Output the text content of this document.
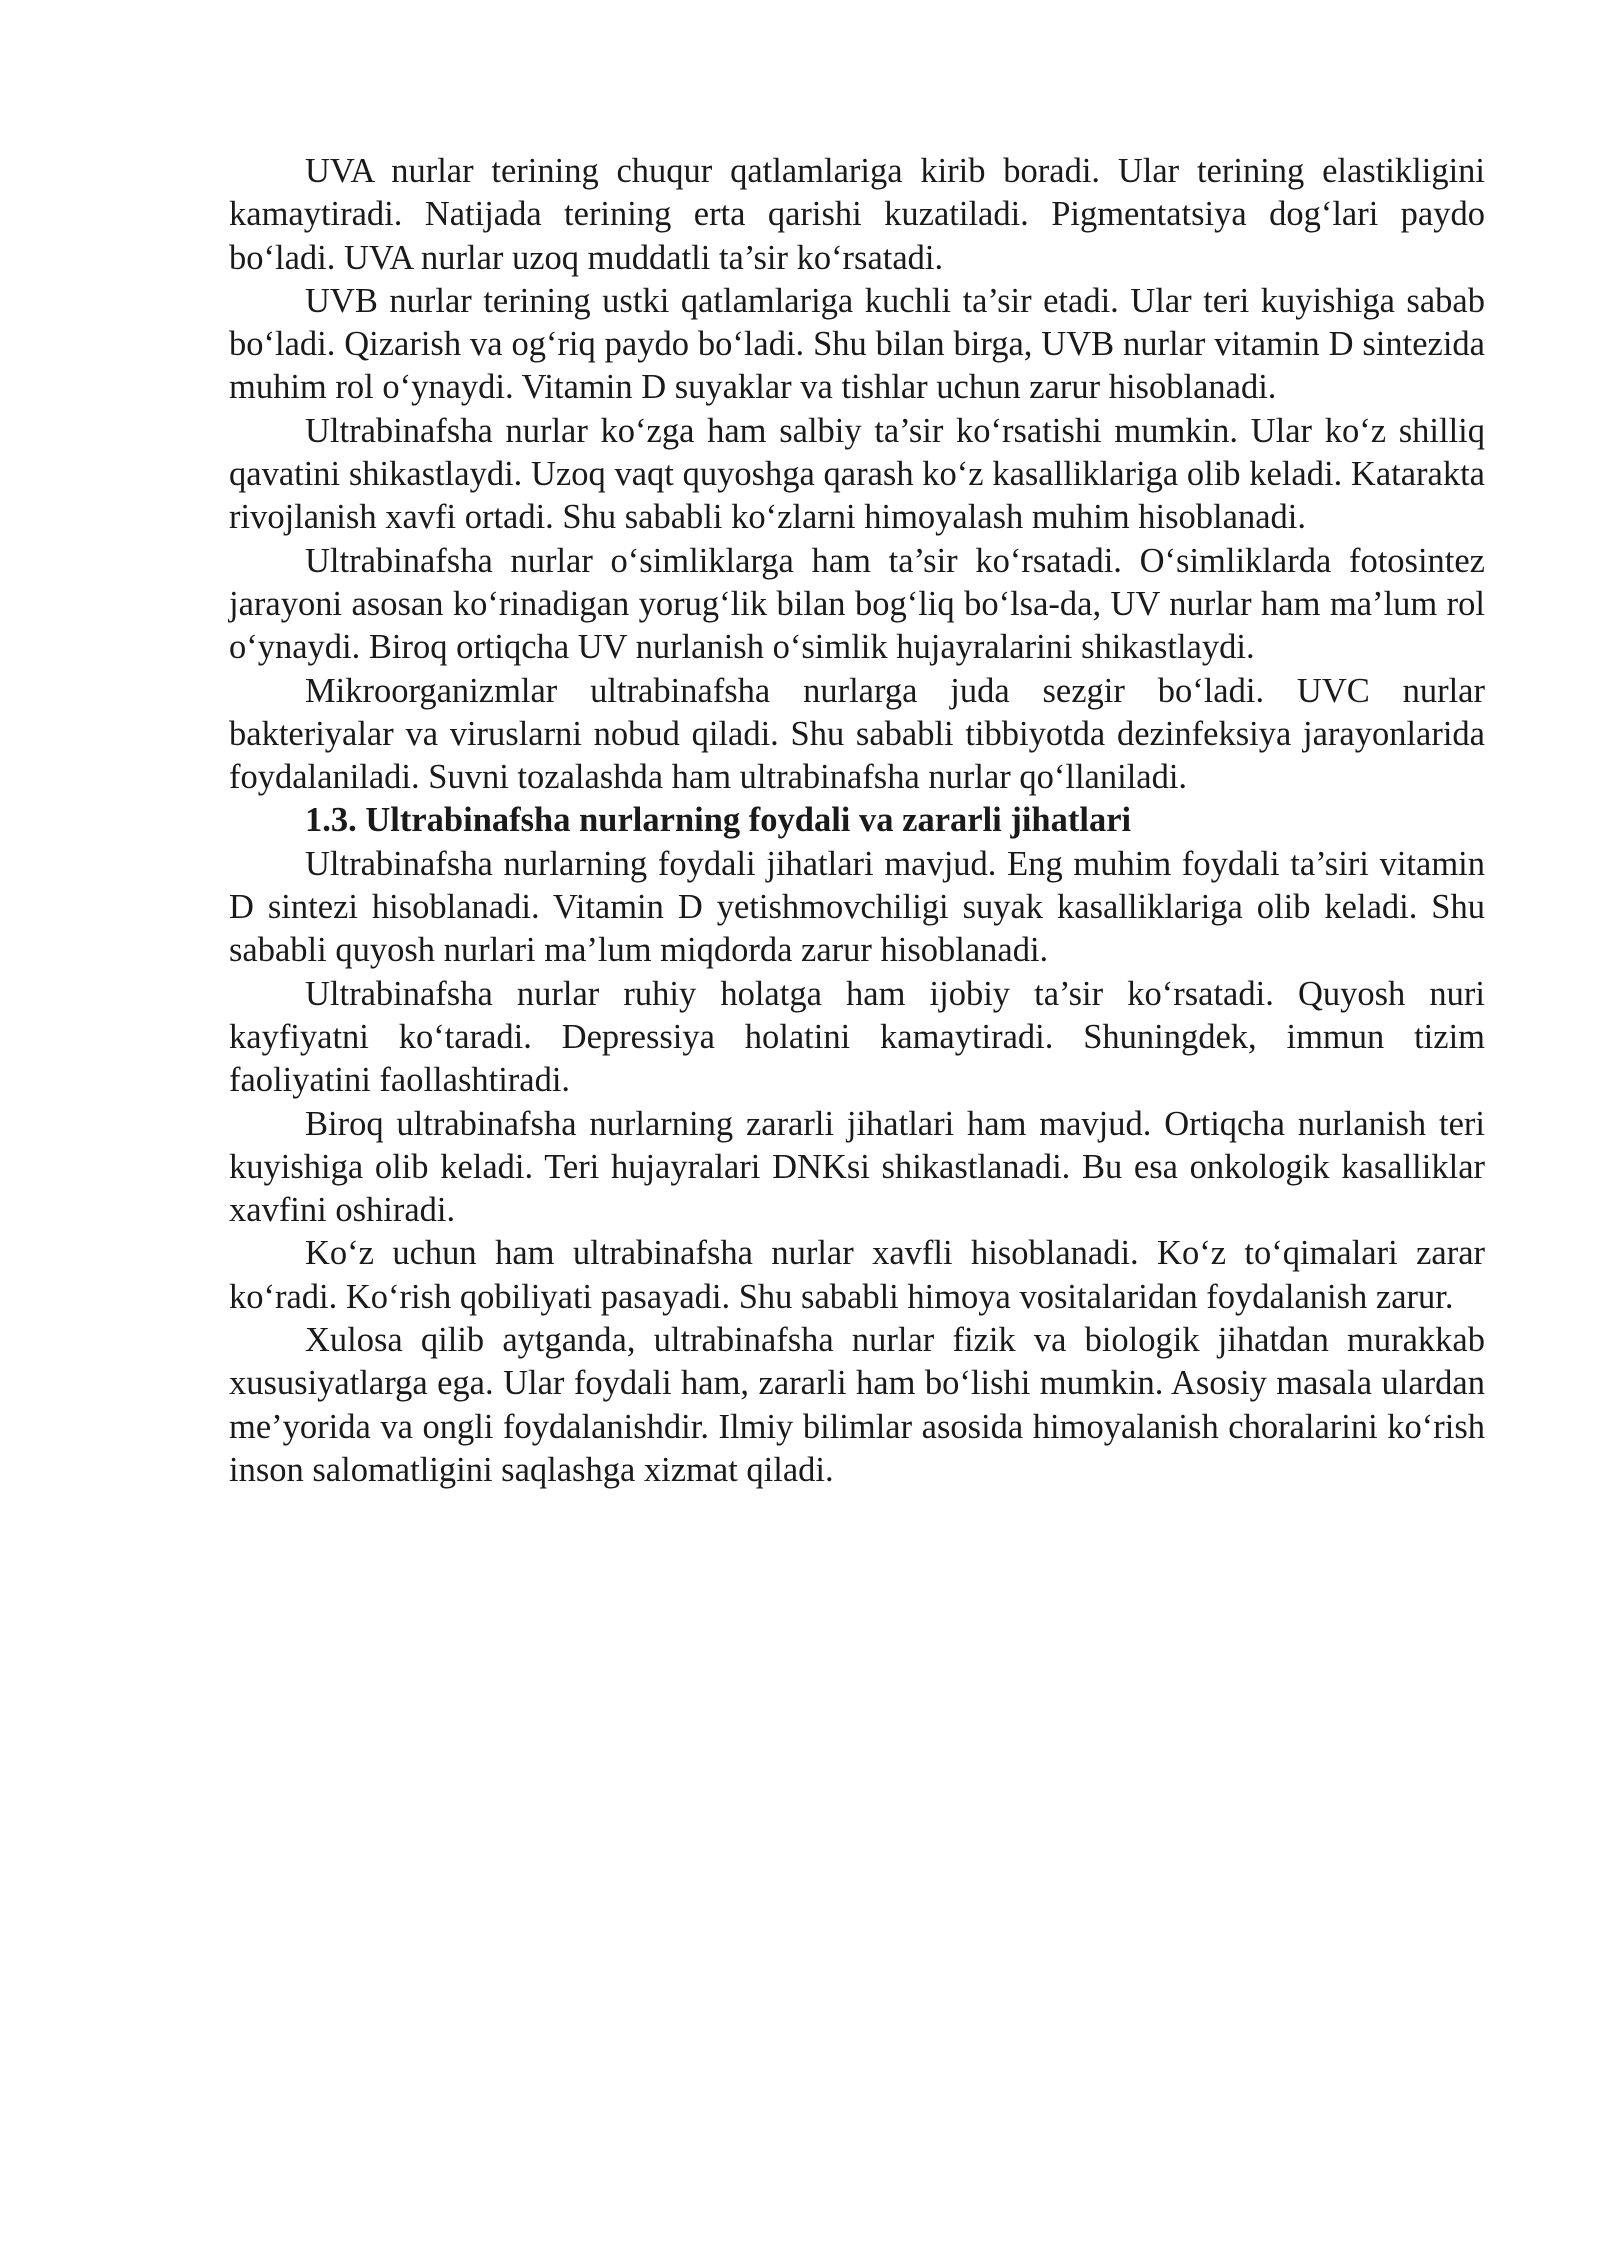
UVA nurlar terining chuqur qatlamlariga kirib boradi. Ular terining elastikligini kamaytiradi. Natijada terining erta qarishi kuzatiladi. Pigmentatsiya dog‘lari paydo bo‘ladi. UVA nurlar uzoq muddatli ta’sir ko‘rsatadi.

UVB nurlar terining ustki qatlamlariga kuchli ta’sir etadi. Ular teri kuyishiga sabab bo‘ladi. Qizarish va og‘riq paydo bo‘ladi. Shu bilan birga, UVB nurlar vitamin D sintezida muhim rol o‘ynaydi. Vitamin D suyaklar va tishlar uchun zarur hisoblanadi.

Ultrabinafsha nurlar ko‘zga ham salbiy ta’sir ko‘rsatishi mumkin. Ular ko‘z shilliq qavatini shikastlaydi. Uzoq vaqt quyoshga qarash ko‘z kasalliklariga olib keladi. Katarakta rivojlanish xavfi ortadi. Shu sababli ko‘zlarni himoyalash muhim hisoblanadi.

Ultrabinafsha nurlar o‘simliklarga ham ta’sir ko‘rsatadi. O‘simliklarda fotosintez jarayoni asosan ko‘rinadigan yorug‘lik bilan bog‘liq bo‘lsa-da, UV nurlar ham ma’lum rol o‘ynaydi. Biroq ortiqcha UV nurlanish o‘simlik hujayralarini shikastlaydi.

Mikroorganizmlar ultrabinafsha nurlarga juda sezgir bo‘ladi. UVC nurlar bakteriyalar va viruslarni nobud qiladi. Shu sababli tibbiyotda dezinfeksiya jarayonlarida foydalaniladi. Suvni tozalashda ham ultrabinafsha nurlar qo‘llaniladi.

1.3. Ultrabinafsha nurlarning foydali va zararli jihatlari

Ultrabinafsha nurlarning foydali jihatlari mavjud. Eng muhim foydali ta’siri vitamin D sintezi hisoblanadi. Vitamin D yetishmovchiligi suyak kasalliklariga olib keladi. Shu sababli quyosh nurlari ma’lum miqdorda zarur hisoblanadi.

Ultrabinafsha nurlar ruhiy holatga ham ijobiy ta’sir ko‘rsatadi. Quyosh nuri kayfiyatni ko‘taradi. Depressiya holatini kamaytiradi. Shuningdek, immun tizim faoliyatini faollashtiradi.

Biroq ultrabinafsha nurlarning zararli jihatlari ham mavjud. Ortiqcha nurlanish teri kuyishiga olib keladi. Teri hujayralari DNKsi shikastlanadi. Bu esa onkologik kasalliklar xavfini oshiradi.

Ko‘z uchun ham ultrabinafsha nurlar xavfli hisoblanadi. Ko‘z to‘qimalari zarar ko‘radi. Ko‘rish qobiliyati pasayadi. Shu sababli himoya vositalaridan foydalanish zarur.

Xulosa qilib aytganda, ultrabinafsha nurlar fizik va biologik jihatdan murakkab xususiyatlarga ega. Ular foydali ham, zararli ham bo‘lishi mumkin. Asosiy masala ulardan me’yorida va ongli foydalanishdir. Ilmiy bilimlar asosida himoyalanish choralarini ko‘rish inson salomatligini saqlashga xizmat qiladi.
